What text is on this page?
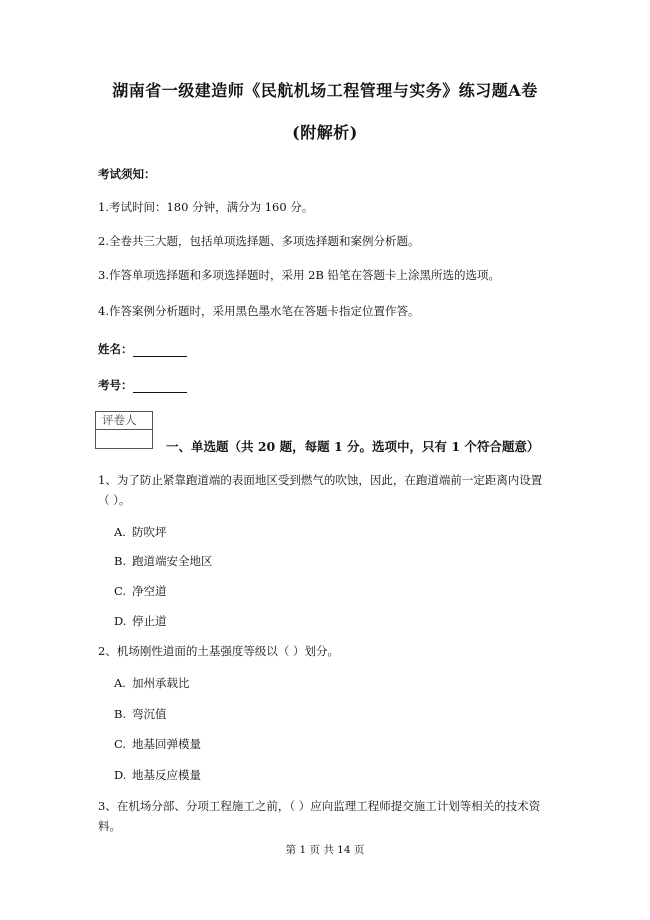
湖南省一级建造师《民航机场工程管理与实务》练习题A卷
(附解析)
考试须知：
1.考试时间：180 分钟，满分为 160 分。
2.全卷共三大题，包括单项选择题、多项选择题和案例分析题。
3.作答单项选择题和多项选择题时，采用 2B 铅笔在答题卡上涂黑所选的选项。
4.作答案例分析题时，采用黑色墨水笔在答题卡指定位置作答。
姓名：
考号：
评卷人
一、单选题（共 20 题，每题 1 分。选项中，只有 1 个符合题意）
1、为了防止紧靠跑道端的表面地区受到燃气的吹蚀，因此，在跑道端前一定距离内设置
（ ）。
A. 防吹坪
B. 跑道端安全地区
C. 净空道
D. 停止道
2、机场刚性道面的土基强度等级以（ ）划分。
A. 加州承载比
B. 弯沉值
C. 地基回弹模量
D. 地基反应模量
3、在机场分部、分项工程施工之前，（ ）应向监理工程师提交施工计划等相关的技术资
料。
第 1 页 共 14 页
